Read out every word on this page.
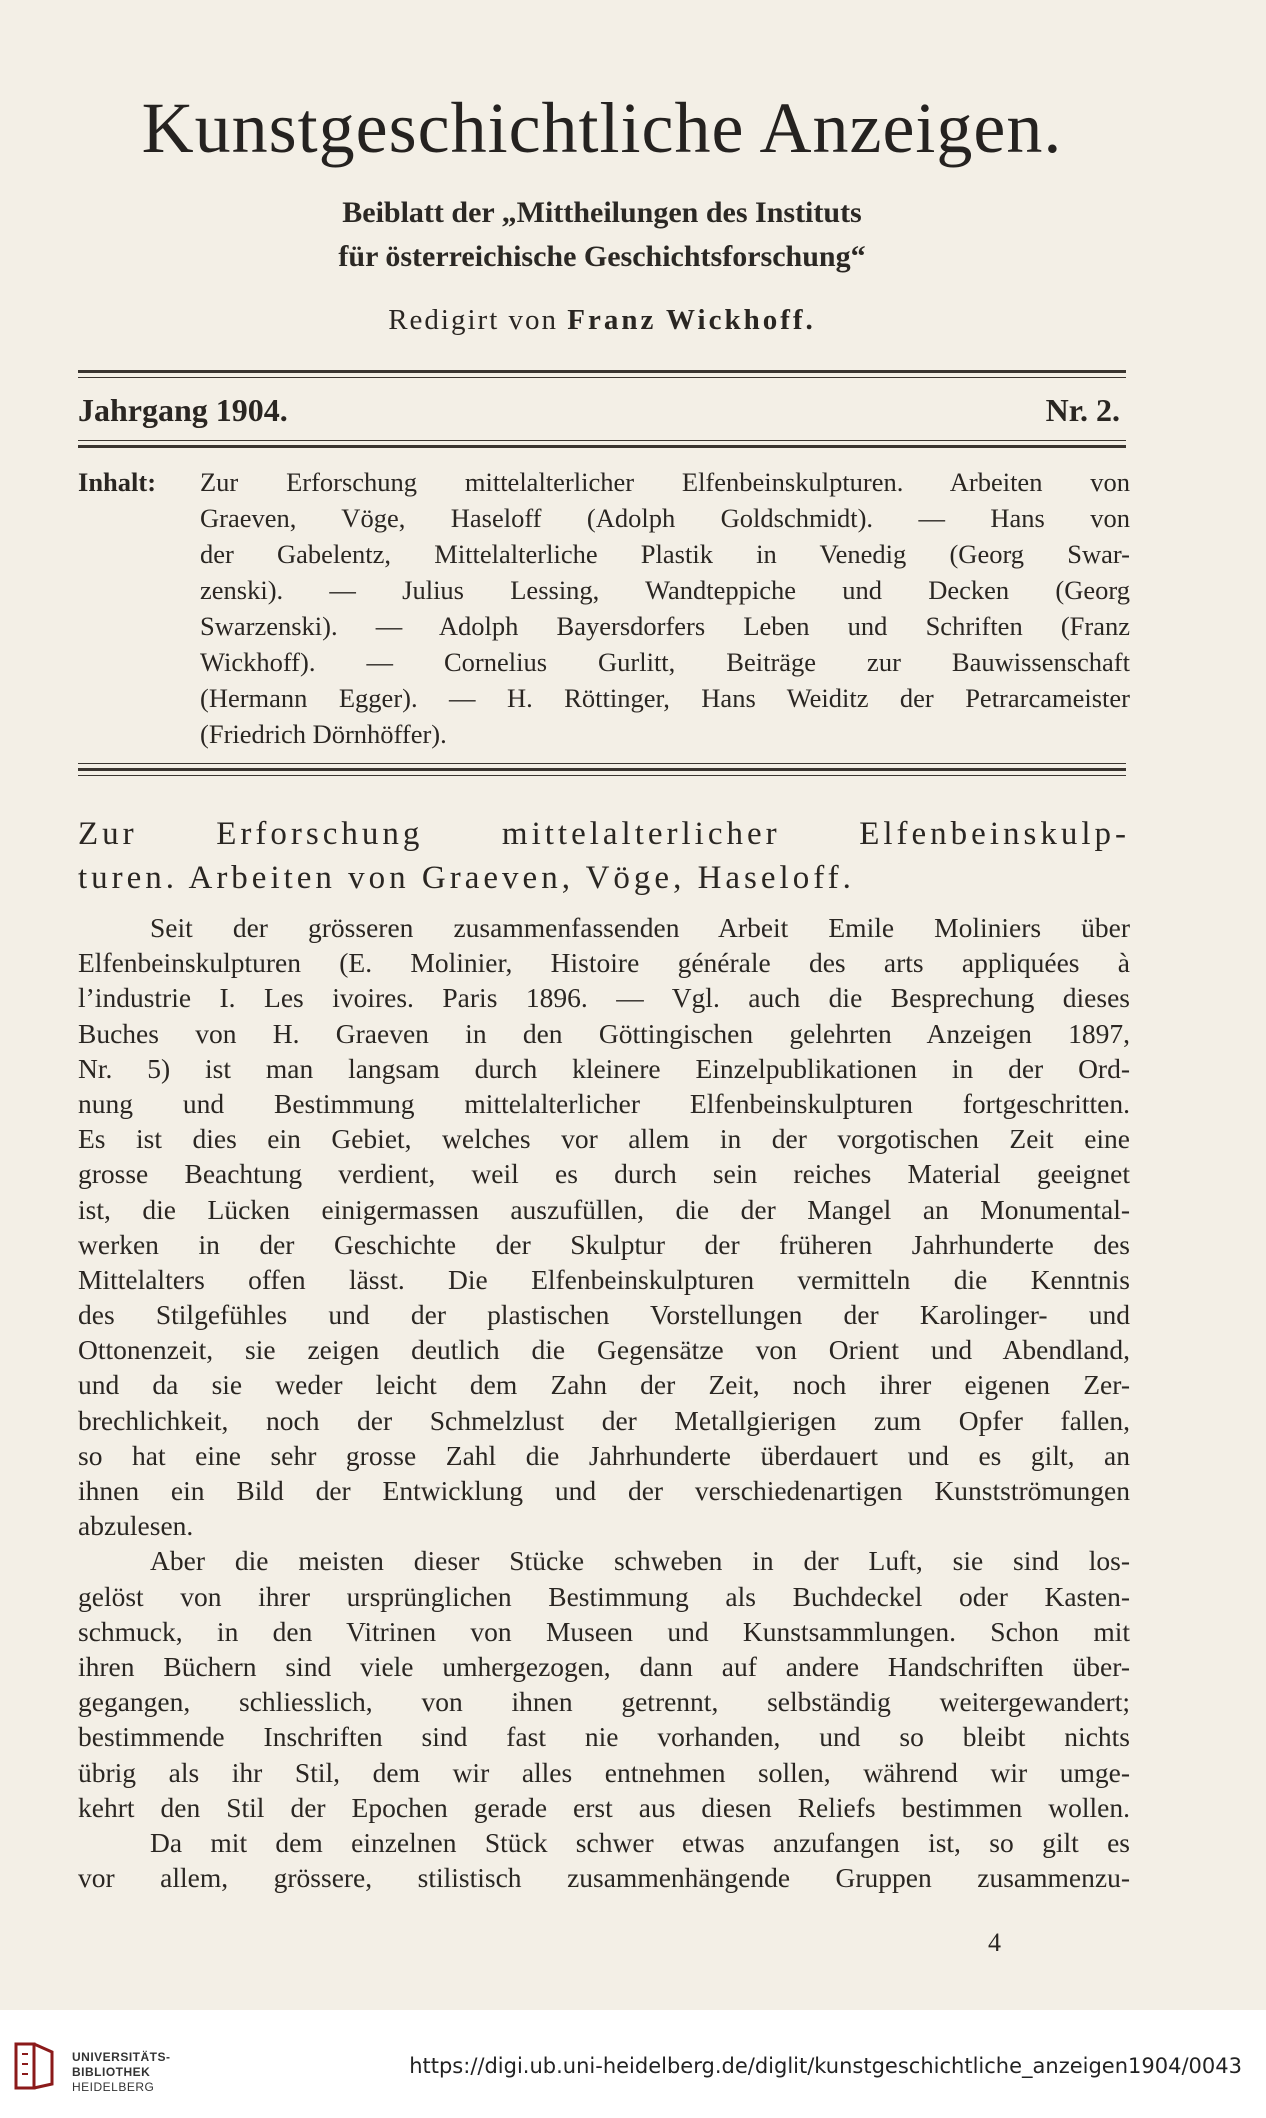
Kunstgeschichtliche Anzeigen.
Beiblatt der „Mittheilungen des Instituts
für österreichische Geschichtsforschung“
Redigirt von Franz Wickhoff.
Jahrgang 1904.	Nr. 2.
Inhalt:	Zur Erforschung mittelalterlicher Elfenbeinskulpturen. Arbeiten von
Graeven, Vöge, Haseloff (Adolph Goldschmidt). — Hans von
der Gabelentz, Mittelalterliche Plastik in Venedig (Georg Swar-
zenski). — Julius Lessing, Wandteppiche und Decken (Georg
Swarzenski). — Adolph Bayersdorfers Leben und Schriften (Franz
Wickhoff). — Cornelius Gurlitt, Beiträge zur Bauwissenschaft
(Hermann Egger). — H. Röttinger, Hans Weiditz der Petrarcameister
(Friedrich Dörnhöffer).
Zur Erforschung mittelalterlicher Elfenbeinskulp-
turen. Arbeiten von Graeven, Vöge, Haseloff.
Seit der grösseren zusammenfassenden Arbeit Emile Moliniers über
Elfenbeinskulpturen (E. Molinier, Histoire générale des arts appliquées à
l’industrie I. Les ivoires. Paris 1896. — Vgl. auch die Besprechung dieses
Buches von H. Graeven in den Göttingischen gelehrten Anzeigen 1897,
Nr. 5) ist man langsam durch kleinere Einzelpublikationen in der Ord-
nung und Bestimmung mittelalterlicher Elfenbeinskulpturen fortgeschritten.
Es ist dies ein Gebiet, welches vor allem in der vorgotischen Zeit eine
grosse Beachtung verdient, weil es durch sein reiches Material geeignet
ist, die Lücken einigermassen auszufüllen, die der Mangel an Monumental-
werken in der Geschichte der Skulptur der früheren Jahrhunderte des
Mittelalters offen lässt. Die Elfenbeinskulpturen vermitteln die Kenntnis
des Stilgefühles und der plastischen Vorstellungen der Karolinger- und
Ottonenzeit, sie zeigen deutlich die Gegensätze von Orient und Abendland,
und da sie weder leicht dem Zahn der Zeit, noch ihrer eigenen Zer-
brechlichkeit, noch der Schmelzlust der Metallgierigen zum Opfer fallen,
so hat eine sehr grosse Zahl die Jahrhunderte überdauert und es gilt, an
ihnen ein Bild der Entwicklung und der verschiedenartigen Kunstströmungen
abzulesen.
Aber die meisten dieser Stücke schweben in der Luft, sie sind los-
gelöst von ihrer ursprünglichen Bestimmung als Buchdeckel oder Kasten-
schmuck, in den Vitrinen von Museen und Kunstsammlungen. Schon mit
ihren Büchern sind viele umhergezogen, dann auf andere Handschriften über-
gegangen, schliesslich, von ihnen getrennt, selbständig weitergewandert;
bestimmende Inschriften sind fast nie vorhanden, und so bleibt nichts
übrig als ihr Stil, dem wir alles entnehmen sollen, während wir umge-
kehrt den Stil der Epochen gerade erst aus diesen Reliefs bestimmen wollen.
Da mit dem einzelnen Stück schwer etwas anzufangen ist, so gilt es
vor allem, grössere, stilistisch zusammenhängende Gruppen zusammenzu-
4
UNIVERSITÄTS-
BIBLIOTHEK
HEIDELBERG
https://digi.ub.uni-heidelberg.de/diglit/kunstgeschichtliche_anzeigen1904/0043
